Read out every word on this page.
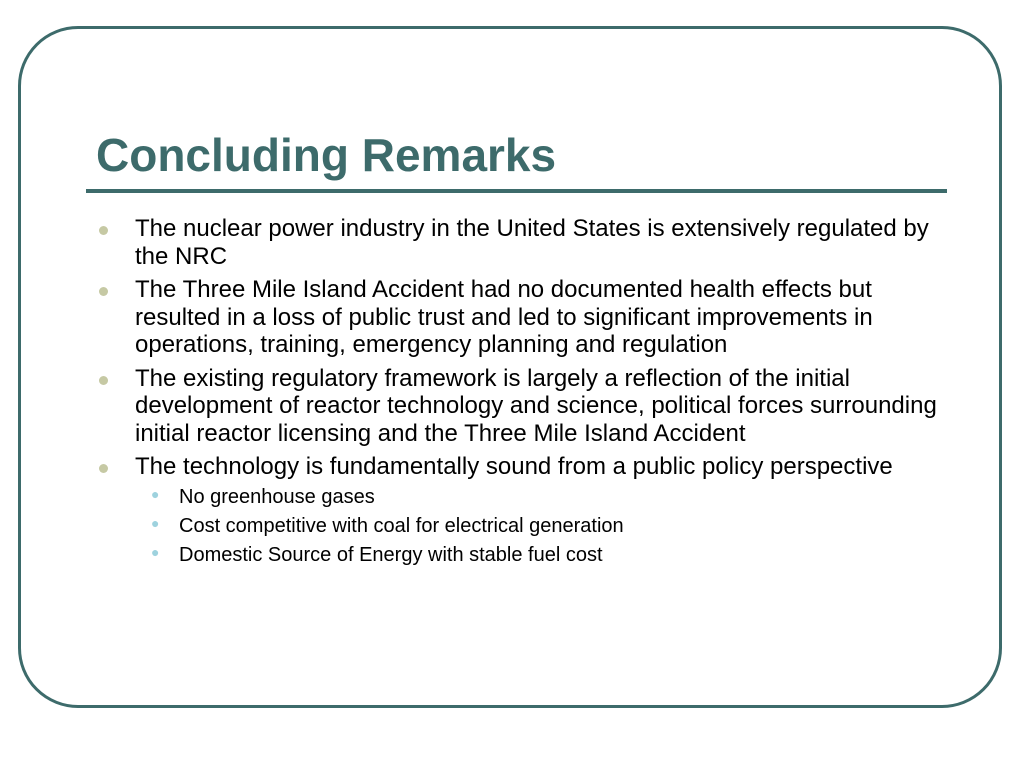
Concluding Remarks
The nuclear power industry in the United States is extensively regulated by the NRC
The Three Mile Island Accident had no documented health effects but resulted in a loss of public trust and led to significant improvements in operations, training, emergency planning and regulation
The existing regulatory framework is largely a reflection of the initial development of reactor technology and science, political forces surrounding initial reactor licensing and the Three Mile Island Accident
The technology is fundamentally sound from a public policy perspective
● No greenhouse gases
● Cost competitive with coal for electrical generation
● Domestic Source of Energy with stable fuel cost
